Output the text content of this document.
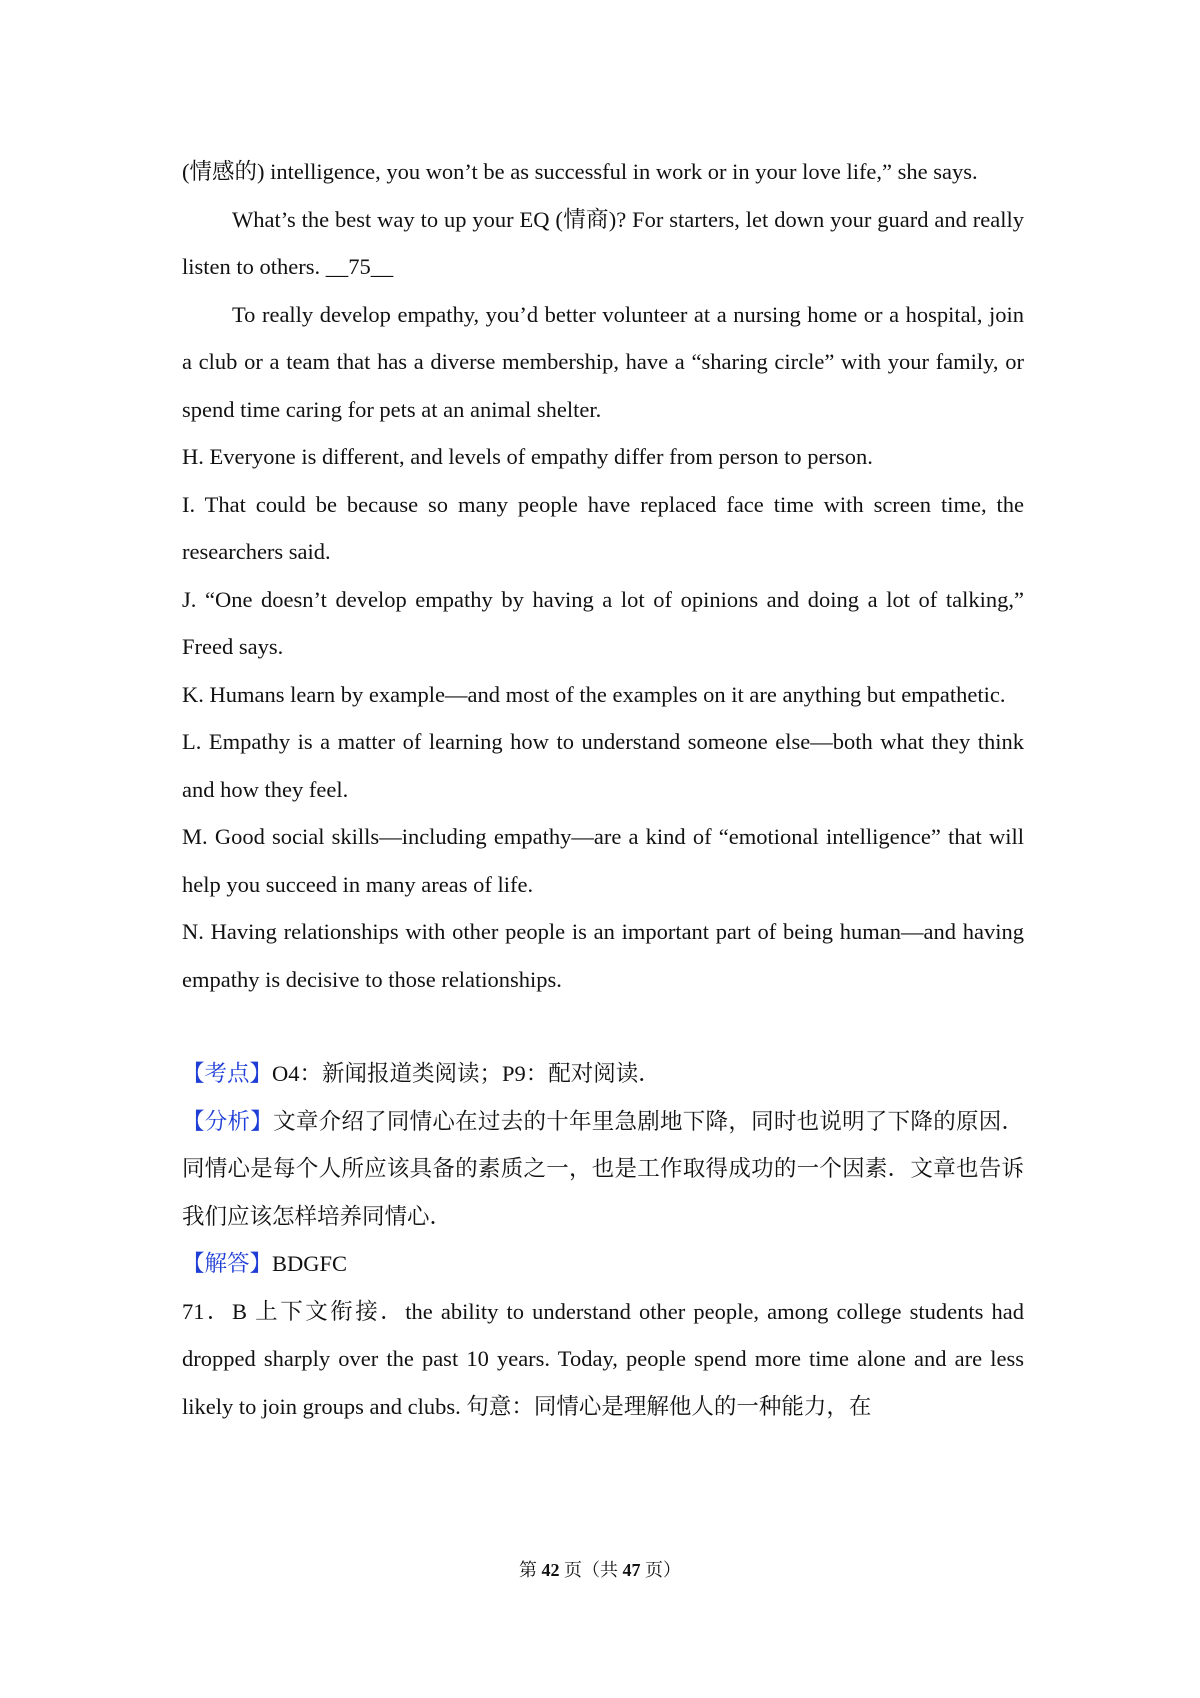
(情感的) intelligence, you won’t be as successful in work or in your love life,” she says.

What’s the best way to up your EQ (情商)? For starters, let down your guard and really listen to others. __75__

To really develop empathy, you’d better volunteer at a nursing home or a hospital, join a club or a team that has a diverse membership, have a “sharing circle” with your family, or spend time caring for pets at an animal shelter.

H. Everyone is different, and levels of empathy differ from person to person.

I. That could be because so many people have replaced face time with screen time, the researchers said.

J. “One doesn’t develop empathy by having a lot of opinions and doing a lot of talking,” Freed says.

K. Humans learn by example—and most of the examples on it are anything but empathetic.

L. Empathy is a matter of learning how to understand someone else—both what they think and how they feel.

M. Good social skills—including empathy—are a kind of “emotional intelligence” that will help you succeed in many areas of life.

N. Having relationships with other people is an important part of being human—and having empathy is decisive to those relationships.

【考点】O4：新闻报道类阅读；P9：配对阅读．

【分析】文章介绍了同情心在过去的十年里急剧地下降，同时也说明了下降的原因．同情心是每个人所应该具备的素质之一，也是工作取得成功的一个因素．文章也告诉我们应该怎样培养同情心．

【解答】BDGFC

71．B 上下文衔接．the ability to understand other people, among college students had dropped sharply over the past 10 years. Today, people spend more time alone and are less likely to join groups and clubs. 句意：同情心是理解他人的一种能力，在

第 42 页（共 47 页）
